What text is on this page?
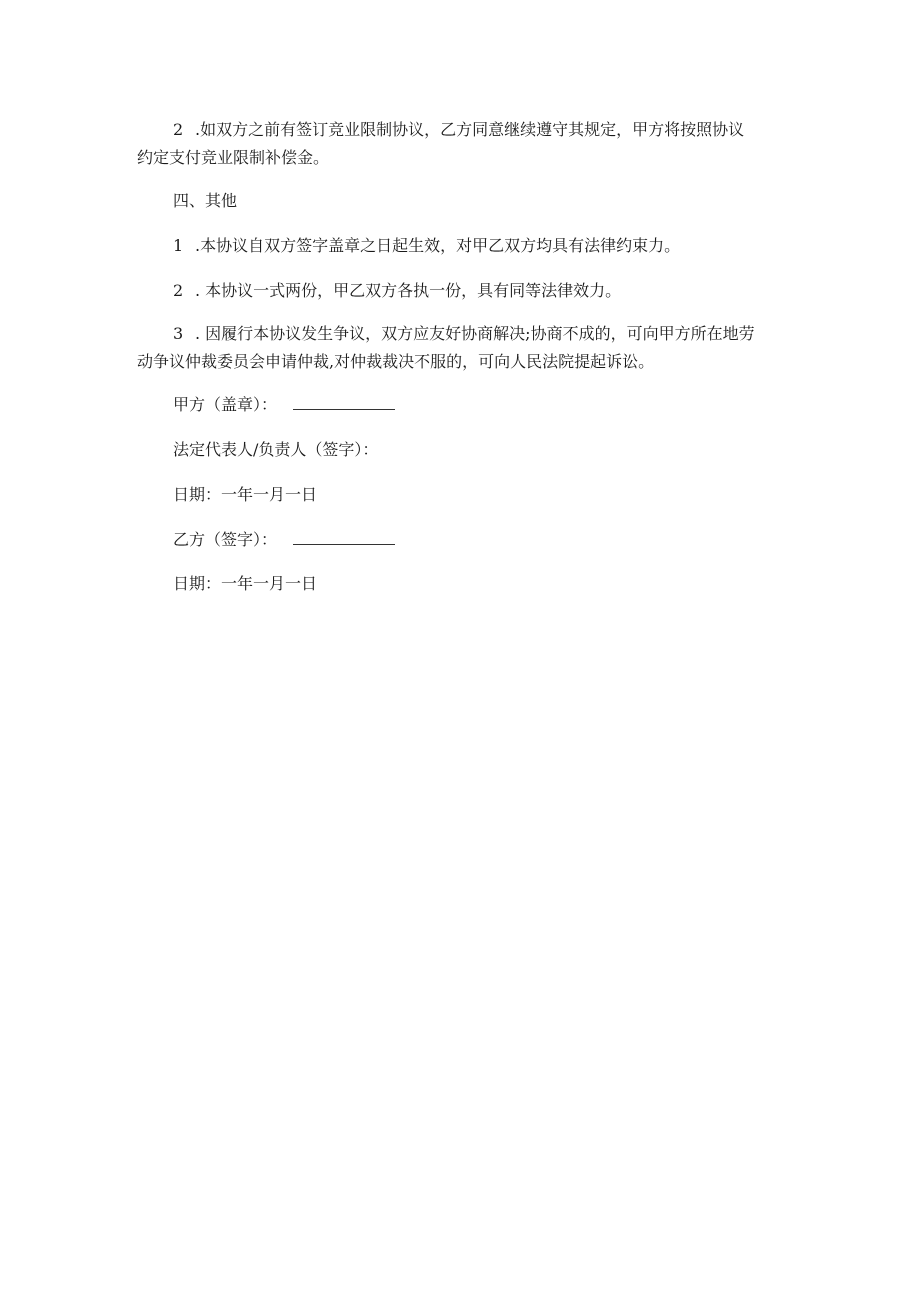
2 .如双方之前有签订竞业限制协议，乙方同意继续遵守其规定，甲方将按照协议
约定支付竞业限制补偿金。
四、其他
1 .本协议自双方签字盖章之日起生效，对甲乙双方均具有法律约束力。
2 . 本协议一式两份，甲乙双方各执一份，具有同等法律效力。
3 . 因履行本协议发生争议，双方应友好协商解决;协商不成的，可向甲方所在地劳
动争议仲裁委员会申请仲裁,对仲裁裁决不服的，可向人民法院提起诉讼。
甲方（盖章）：
法定代表人/负责人（签字）：
日期：一年一月一日
乙方（签字）：
日期：一年一月一日
